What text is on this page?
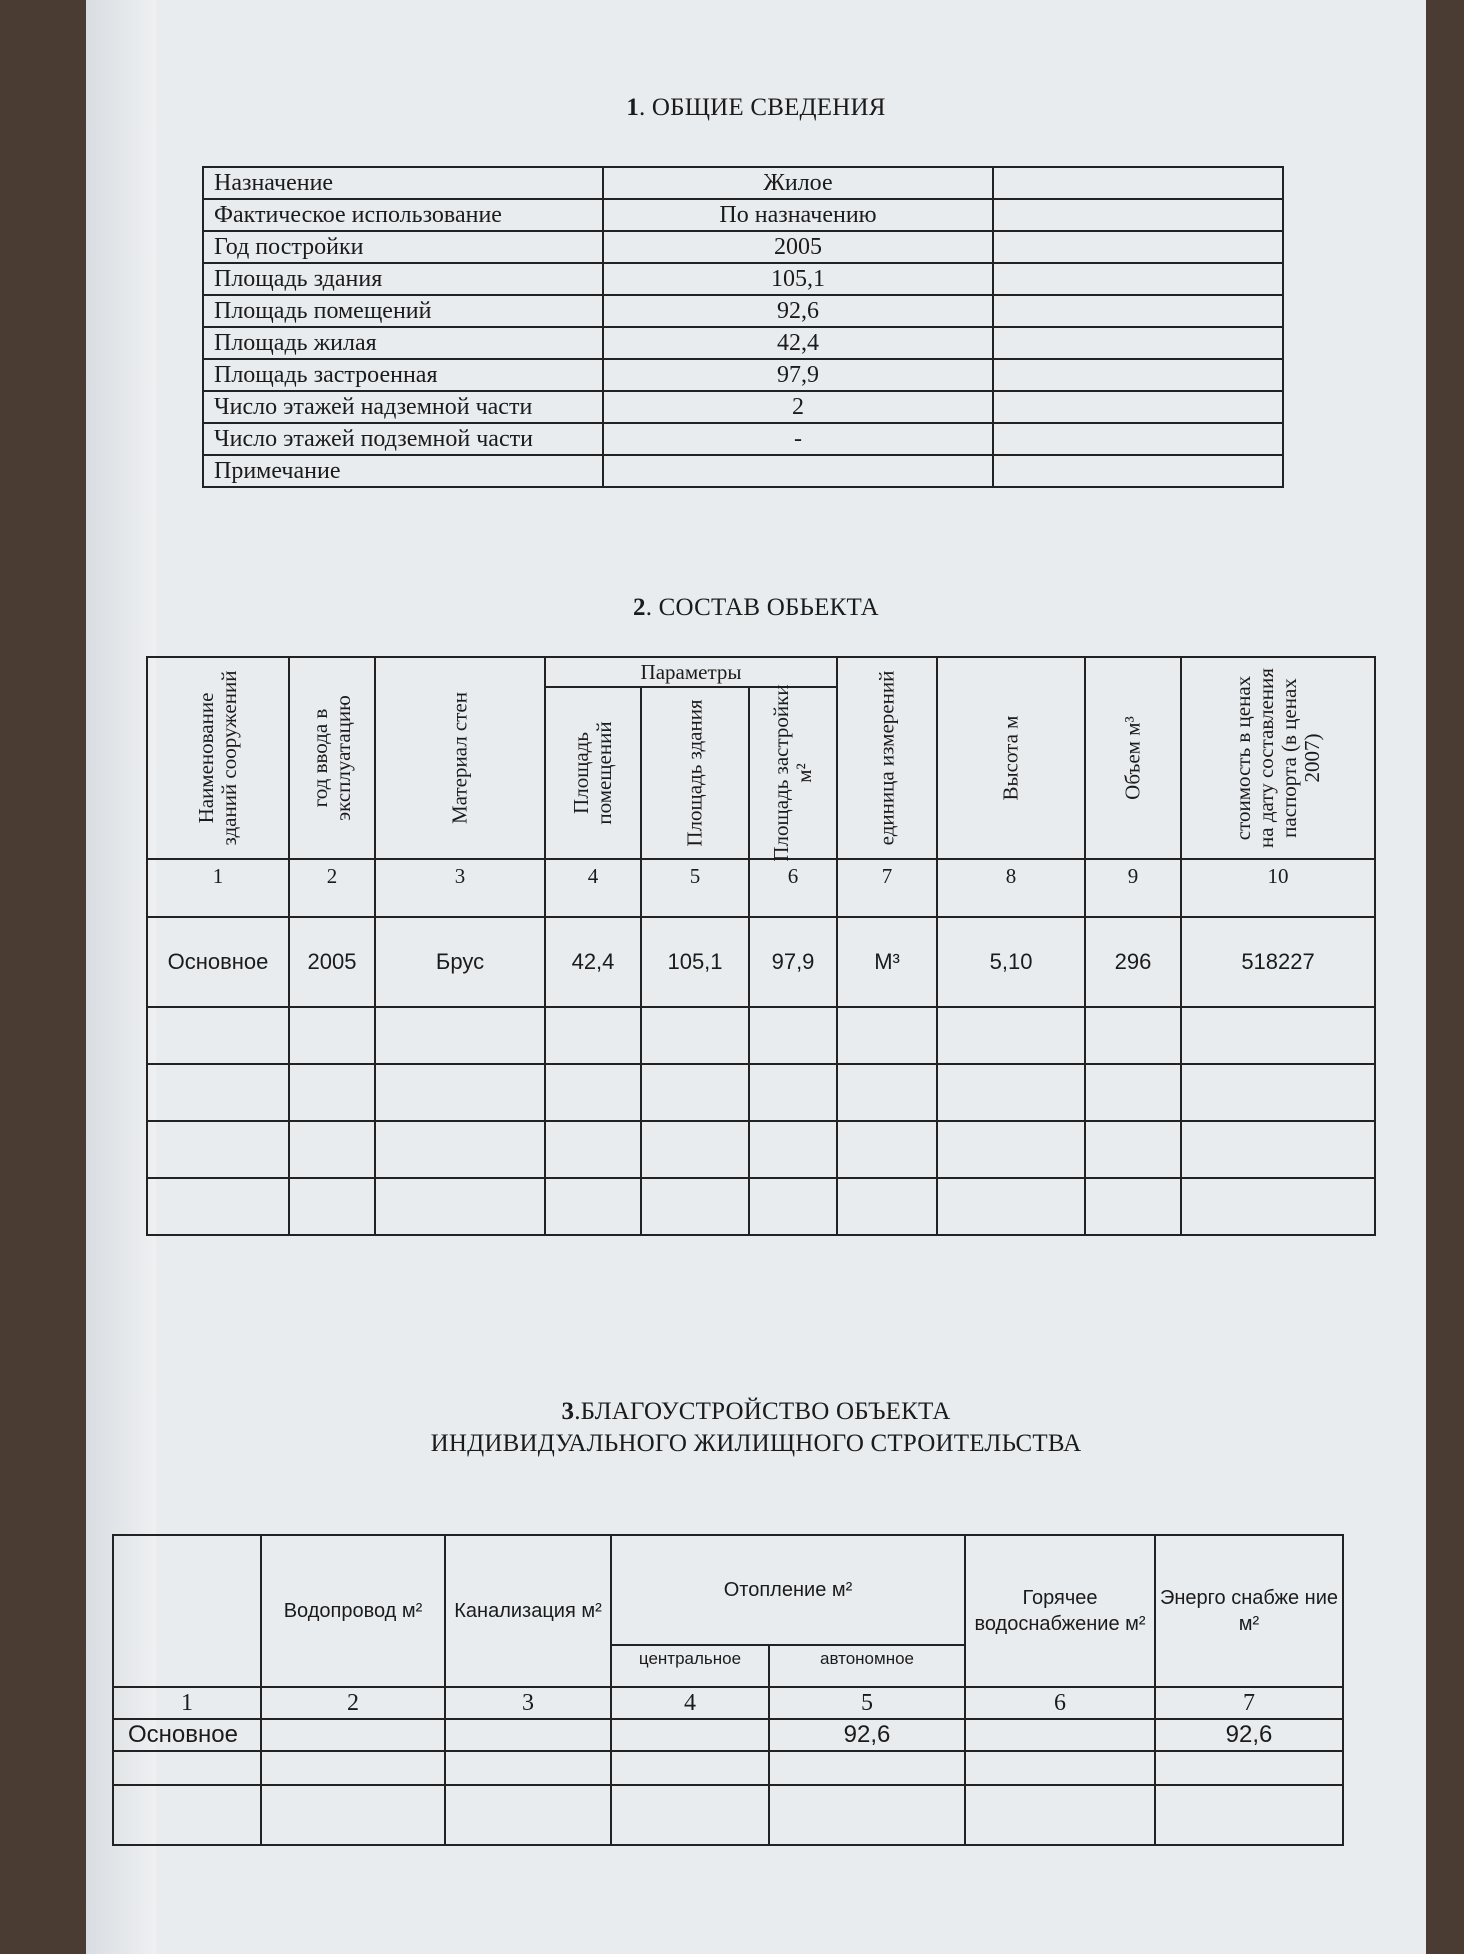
1. ОБЩИЕ СВЕДЕНИЯ
Назначение	Жилое	
Фактическое использование	По назначению	
Год постройки	2005	
Площадь здания	105,1	
Площадь помещений	92,6	
Площадь жилая	42,4	
Площадь застроенная	97,9	
Число этажей надземной части	2	
Число этажей подземной части	-	
Примечание		
2. СОСТАВ ОБЬЕКТА
Наименование зданий сооружений	год ввода в эксплуатацию	Материал стен	Параметры			единица измерений	Высота м	Объем м³	стоимость в ценах на дату составления паспорта (в ценах 2007)

			Площадь помещений	Площадь здания	Площадь застройки м²				

1	2	3	4	5	6	7	8	9	10
Основное	2005	Брус	42,4	105,1	97,9	М³	5,10	296	518227

3.БЛАГОУСТРОЙСТВО ОБЪЕКТА
ИНДИВИДУАЛЬНОГО ЖИЛИЩНОГО СТРОИТЕЛЬСТВА
	Водопровод м²	Канализация м²	Отопление м²		Горячее водоснабжение м²	Энерго снабже ние м²
			центральное	автономное		
1	2	3	4	5	6	7
Основное				92,6		92,6
